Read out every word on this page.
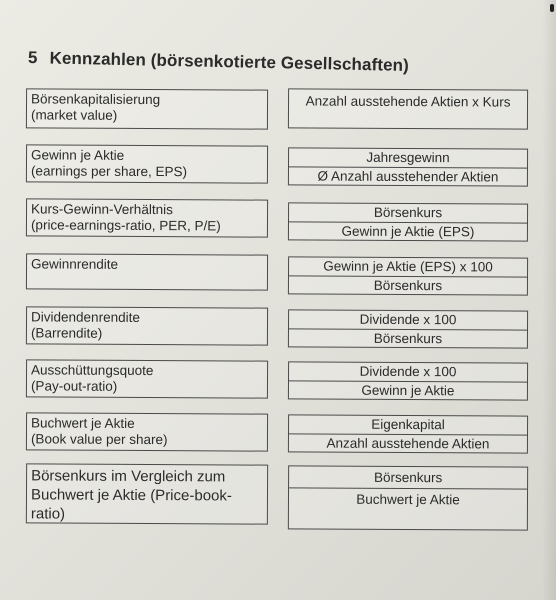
5 Kennzahlen (börsenkotierte Gesellschaften)
Börsenkapitalisierung
(market value)
Anzahl ausstehende Aktien x Kurs
Gewinn je Aktie
(earnings per share, EPS)
Jahresgewinn
Ø Anzahl ausstehender Aktien
Kurs-Gewinn-Verhältnis
(price-earnings-ratio, PER, P/E)
Börsenkurs
Gewinn je Aktie (EPS)
Gewinnrendite	Gewinn je Aktie (EPS) x 100
Börsenkurs
Dividendenrendite
(Barrendite)
Dividende x 100
Börsenkurs
Ausschüttungsquote
(Pay-out-ratio)
Dividende x 100
Gewinn je Aktie
Buchwert je Aktie
(Book value per share)
Eigenkapital
Anzahl ausstehende Aktien
Börsenkurs im Vergleich zum
Buchwert je Aktie (Price-book-
ratio)
Börsenkurs
Buchwert je Aktie
